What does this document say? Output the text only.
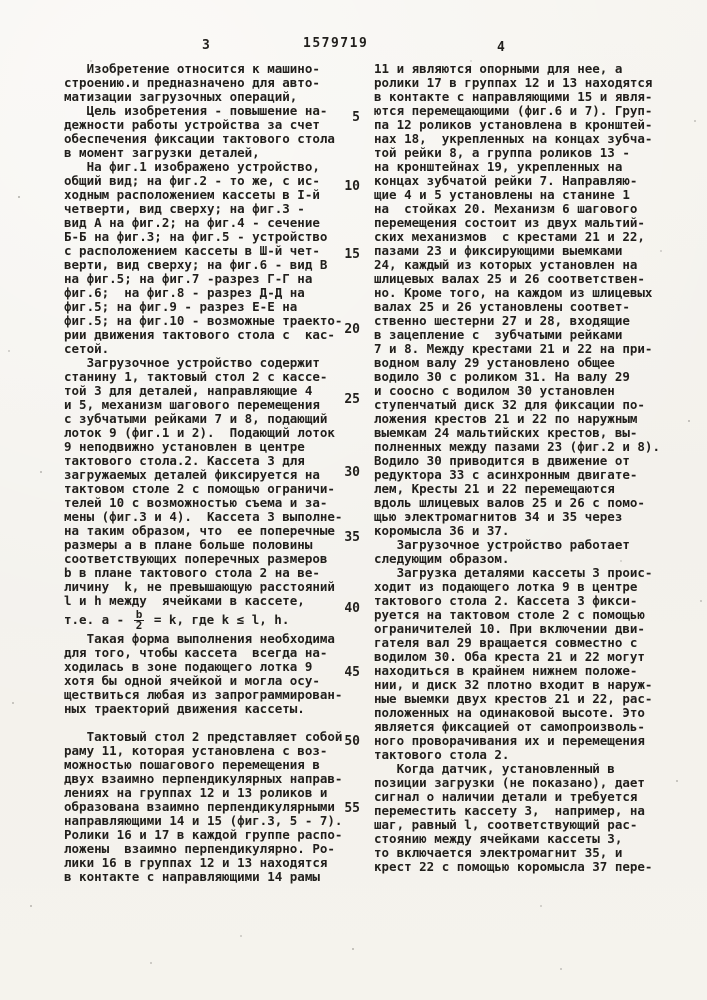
3	1579719	4
Изобретение относится к машино-
строению.и предназначено для авто-
матизации загрузочных операций,
Цель изобретения - повышение на-
дежности работы устройства за счет
обеспечения фиксации тактового стола
в момент загрузки деталей,
На фиг.1 изображено устройство,
общий вид; на фиг.2 - то же, с ис-
ходным расположением кассеты в I-й
четверти, вид сверху; на фиг.3 -
вид А на фиг.2; на фиг.4 - сечение
Б-Б на фиг.3; на фиг.5 - устройство
с расположением кассеты в Ш-й чет-
верти, вид сверху; на фиг.6 - вид В
на фиг.5; на фиг.7 -разрез Г-Г на
фиг.6;  на фиг.8 - разрез Д-Д на
фиг.5; на фиг.9 - разрез Е-Е на
фиг.5; на фиг.10 - возможные траекто-
рии движения тактового стола с  кас-
сетой.
Загрузочное устройство содержит
станину 1, тактовый стол 2 с кассе-
той 3 для деталей, направляющие 4
и 5, механизм шагового перемещения
с зубчатыми рейками 7 и 8, подающий
лоток 9 (фиг.1 и 2).  Подающий лоток
9 неподвижно установлен в центре
тактового стола.2. Кассета 3 для
загружаемых деталей фиксируется на
тактовом столе 2 с помощью ограничи-
телей 10 с возможностью съема и за-
мены (фиг.3 и 4).  Кассета 3 выполне-
на таким образом, что  ее поперечные
размеры а в плане больше половины
соответствующих поперечных размеров
b в плане тактового стола 2 на ве-
личину  k, не превышающую расстояний
l и h между  ячейками в кассете,
т.е. $a - \frac{b}{2} = k$, где k ≤ l, h.
Такая форма выполнения необходима
для того, чтобы кассета  всегда на-
ходилась в зоне подающего лотка 9
хотя бы одной ячейкой и могла осу-
ществиться любая из запрограммирован-
ных траекторий движения кассеты.
Тактовый стол 2 представляет собой
раму 11, которая установлена с воз-
можностью пошагового перемещения в
двух взаимно перпендикулярных направ-
лениях на группах 12 и 13 роликов и
образована взаимно перпендикулярными
направляющими 14 и 15 (фиг.3, 5 - 7).
Ролики 16 и 17 в каждой группе распо-
ложены  взаимно перпендикулярно. Ро-
лики 16 в группах 12 и 13 находятся
в контакте с направляющими 14 рамы
11 и являются опорными для нее, а
ролики 17 в группах 12 и 13 находятся
в контакте с направляющими 15 и явля-
ются перемещающими (фиг.6 и 7). Груп-
па 12 роликов установлена в кронштей-
нах 18,  укрепленных на концах зубча-
той рейки 8, а группа роликов 13 -
на кронштейнах 19, укрепленных на
концах зубчатой рейки 7. Направляю-
щие 4 и 5 установлены на станине 1
на  стойках 20. Механизм 6 шагового
перемещения состоит из двух мальтий-
ских механизмов  с крестами 21 и 22,
пазами 23 и фиксирующими выемками
24, каждый из которых установлен на
шлицевых валах 25 и 26 соответствен-
но. Кроме того, на каждом из шлицевых
валах 25 и 26 установлены соответ-
ственно шестерни 27 и 28, входящие
в зацепление с  зубчатыми рейками
7 и 8. Между крестами 21 и 22 на при-
водном валу 29 установлено общее
водило 30 с роликом 31. На валу 29
и соосно с водилом 30 установлен
ступенчатый диск 32 для фиксации по-
ложения крестов 21 и 22 по наружным
выемкам 24 мальтийских крестов, вы-
полненных между пазами 23 (фиг.2 и 8).
Водило 30 приводится в движение от
редуктора 33 с асинхронным двигате-
лем, Кресты 21 и 22 перемещаются
вдоль шлицевых валов 25 и 26 с помо-
щью электромагнитов 34 и 35 через
коромысла 36 и 37.
Загрузочное устройство работает
следующим образом.
Загрузка деталями кассеты 3 проис-
ходит из подающего лотка 9 в центре
тактового стола 2. Кассета 3 фикси-
руется на тактовом столе 2 с помощью
ограничителей 10. При включении дви-
гателя вал 29 вращается совместно с
водилом 30. Оба креста 21 и 22 могут
находиться в крайнем нижнем положе-
нии, и диск 32 плотно входит в наруж-
ные выемки двух крестов 21 и 22, рас-
положенных на одинаковой высоте. Это
является фиксацией от самопроизволь-
ного проворачивания их и перемещения
тактового стола 2.
Когда датчик, установленный в
позиции загрузки (не показано), дает
сигнал о наличии детали и требуется
переместить кассету 3,  например, на
шаг, равный l, соответствующий рас-
стоянию между ячейками кассеты 3,
то включается электромагнит 35, и
крест 22 с помощью коромысла 37 пере-
5
10
15
20
25
30
35
40
45
50
55
